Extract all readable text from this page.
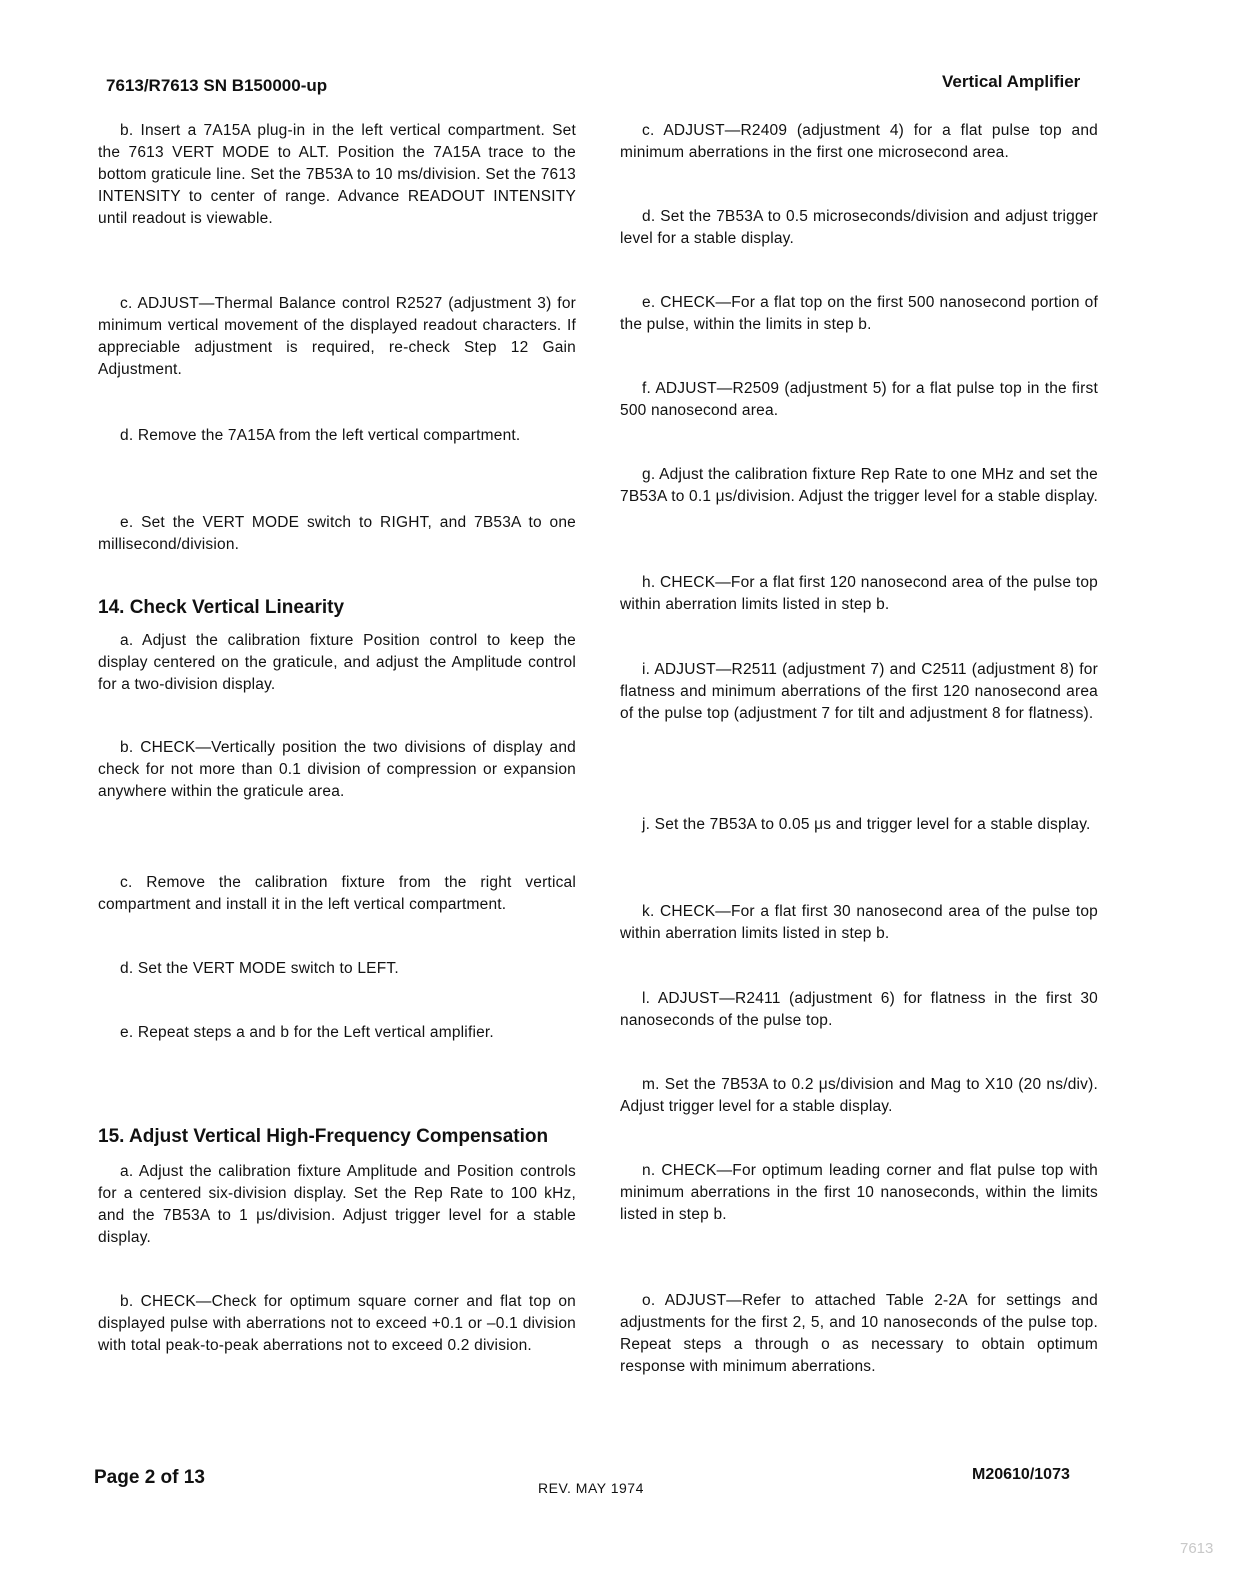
7613/R7613 SN B150000-up	Vertical Amplifier
b. Insert a 7A15A plug-in in the left vertical compartment. Set the 7613 VERT MODE to ALT. Position the 7A15A trace to the bottom graticule line. Set the 7B53A to 10 ms/division. Set the 7613 INTENSITY to center of range. Advance READOUT INTENSITY until readout is viewable.
c. ADJUST—Thermal Balance control R2527 (adjustment 3) for minimum vertical movement of the displayed readout characters. If appreciable adjustment is required, re-check Step 12 Gain Adjustment.
d. Remove the 7A15A from the left vertical compartment.
e. Set the VERT MODE switch to RIGHT, and 7B53A to one millisecond/division.
14. Check Vertical Linearity
a. Adjust the calibration fixture Position control to keep the display centered on the graticule, and adjust the Amplitude control for a two-division display.
b. CHECK—Vertically position the two divisions of display and check for not more than 0.1 division of compression or expansion anywhere within the graticule area.
c. Remove the calibration fixture from the right vertical compartment and install it in the left vertical compartment.
d. Set the VERT MODE switch to LEFT.
e. Repeat steps a and b for the Left vertical amplifier.
15. Adjust Vertical High-Frequency Compensation
a. Adjust the calibration fixture Amplitude and Position controls for a centered six-division display. Set the Rep Rate to 100 kHz, and the 7B53A to 1 μs/division. Adjust trigger level for a stable display.
b. CHECK—Check for optimum square corner and flat top on displayed pulse with aberrations not to exceed +0.1 or –0.1 division with total peak-to-peak aberrations not to exceed 0.2 division.
c. ADJUST—R2409 (adjustment 4) for a flat pulse top and minimum aberrations in the first one microsecond area.
d. Set the 7B53A to 0.5 microseconds/division and adjust trigger level for a stable display.
e. CHECK—For a flat top on the first 500 nanosecond portion of the pulse, within the limits in step b.
f. ADJUST—R2509 (adjustment 5) for a flat pulse top in the first 500 nanosecond area.
g. Adjust the calibration fixture Rep Rate to one MHz and set the 7B53A to 0.1 μs/division. Adjust the trigger level for a stable display.
h. CHECK—For a flat first 120 nanosecond area of the pulse top within aberration limits listed in step b.
i. ADJUST—R2511 (adjustment 7) and C2511 (adjustment 8) for flatness and minimum aberrations of the first 120 nanosecond area of the pulse top (adjustment 7 for tilt and adjustment 8 for flatness).
j. Set the 7B53A to 0.05 μs and trigger level for a stable display.
k. CHECK—For a flat first 30 nanosecond area of the pulse top within aberration limits listed in step b.
l. ADJUST—R2411 (adjustment 6) for flatness in the first 30 nanoseconds of the pulse top.
m. Set the 7B53A to 0.2 μs/division and Mag to X10 (20 ns/div). Adjust trigger level for a stable display.
n. CHECK—For optimum leading corner and flat pulse top with minimum aberrations in the first 10 nanoseconds, within the limits listed in step b.
o. ADJUST—Refer to attached Table 2-2A for settings and adjustments for the first 2, 5, and 10 nanoseconds of the pulse top. Repeat steps a through o as necessary to obtain optimum response with minimum aberrations.
Page 2 of 13	REV. MAY 1974
M20610/1073
7613
